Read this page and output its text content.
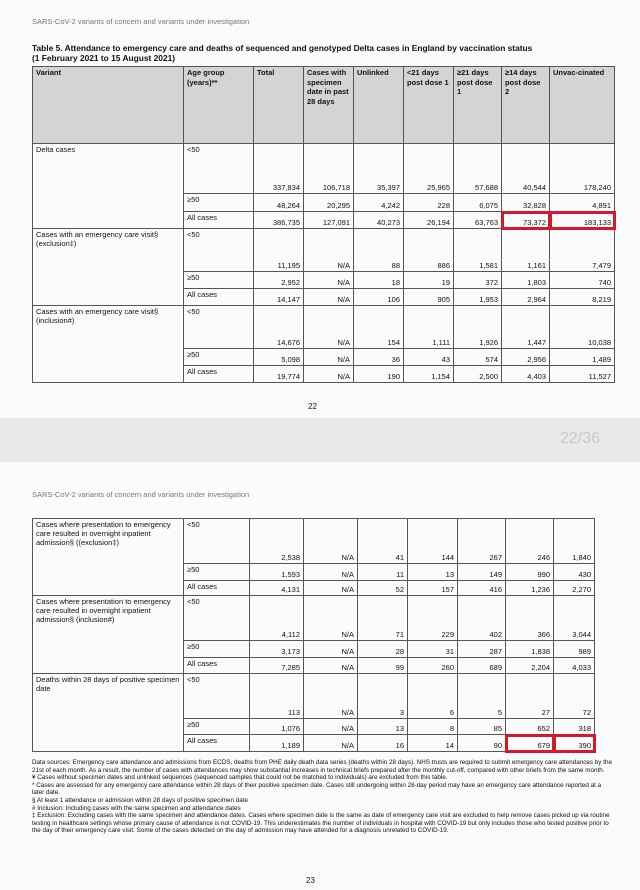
SARS-CoV-2 variants of concern and variants under investigation
Table 5. Attendance to emergency care and deaths of sequenced and genotyped Delta cases in England by vaccination status
(1 February 2021 to 15 August 2021)
Variant	Age group (years)**	Total	Cases with specimen date in past 28 days	Unlinked	<21 days post dose 1	≥21 days post dose 1	≥14 days post dose 2	Unvac-cinated
Delta cases	<50	337,834	106,718	35,397	25,965	57,688	40,544	178,240
	≥50	48,264	20,295	4,242	228	6,075	32,828	4,891
	All cases	386,735	127,091	40,273	26,194	63,763	73,372	183,133
Cases with an emergency care visit§ (exclusion‡)	<50	11,195	N/A	88	886	1,581	1,161	7,479
	≥50	2,952	N/A	18	19	372	1,803	740
	All cases	14,147	N/A	106	905	1,953	2,964	8,219
Cases with an emergency care visit§ (inclusion#)	<50	14,676	N/A	154	1,111	1,926	1,447	10,038
	≥50	5,098	N/A	36	43	574	2,956	1,489
	All cases	19,774	N/A	190	1,154	2,500	4,403	11,527
22
22/36
SARS-CoV-2 variants of concern and variants under investigation
Cases where presentation to emergency care resulted in overnight inpatient admission§ ((exclusion‡)	<50	2,538	N/A	41	144	267	246	1,840
	≥50	1,593	N/A	11	13	149	990	430
	All cases	4,131	N/A	52	157	416	1,236	2,270
Cases where presentation to emergency care resulted in overnight inpatient admission§ (inclusion#)	<50	4,112	N/A	71	229	402	366	3,044
	≥50	3,173	N/A	28	31	287	1,838	989
	All cases	7,285	N/A	99	260	689	2,204	4,033
Deaths within 28 days of positive specimen date	<50	113	N/A	3	6	5	27	72
	≥50	1,076	N/A	13	8	85	652	318
	All cases	1,189	N/A	16	14	90	679	390

Data sources: Emergency care attendance and admissions from ECDS, deaths from PHE daily death data series (deaths within 28 days). NHS trusts are required to submit emergency care attendances by the 21st of each month. As a result, the number of cases with attendances may show substantial increases in technical briefs prepared after the monthly cut-off, compared with other briefs from the same month.

¥ Cases without specimen dates and unlinked sequences (sequenced samples that could not be matched to individuals) are excluded from this table.

* Cases are assessed for any emergency care attendance within 28 days of their positive specimen date. Cases still undergoing within 28-day period may have an emergency care attendance reported at a later date.

§ At least 1 attendance or admission within 28 days of positive specimen date

# Inclusion: Including cases with the same specimen and attendance dates

‡ Exclusion: Excluding cases with the same specimen and attendance dates. Cases where specimen date is the same as date of emergency care visit are excluded to help remove cases picked up via routine testing in healthcare settings whose primary cause of attendance is not COVID-19. This underestimates the number of individuals in hospital with COVID-19 but only includes those who tested positive prior to the day of their emergency care visit. Some of the cases detected on the day of admission may have attended for a diagnosis unrelated to COVID-19.

23
